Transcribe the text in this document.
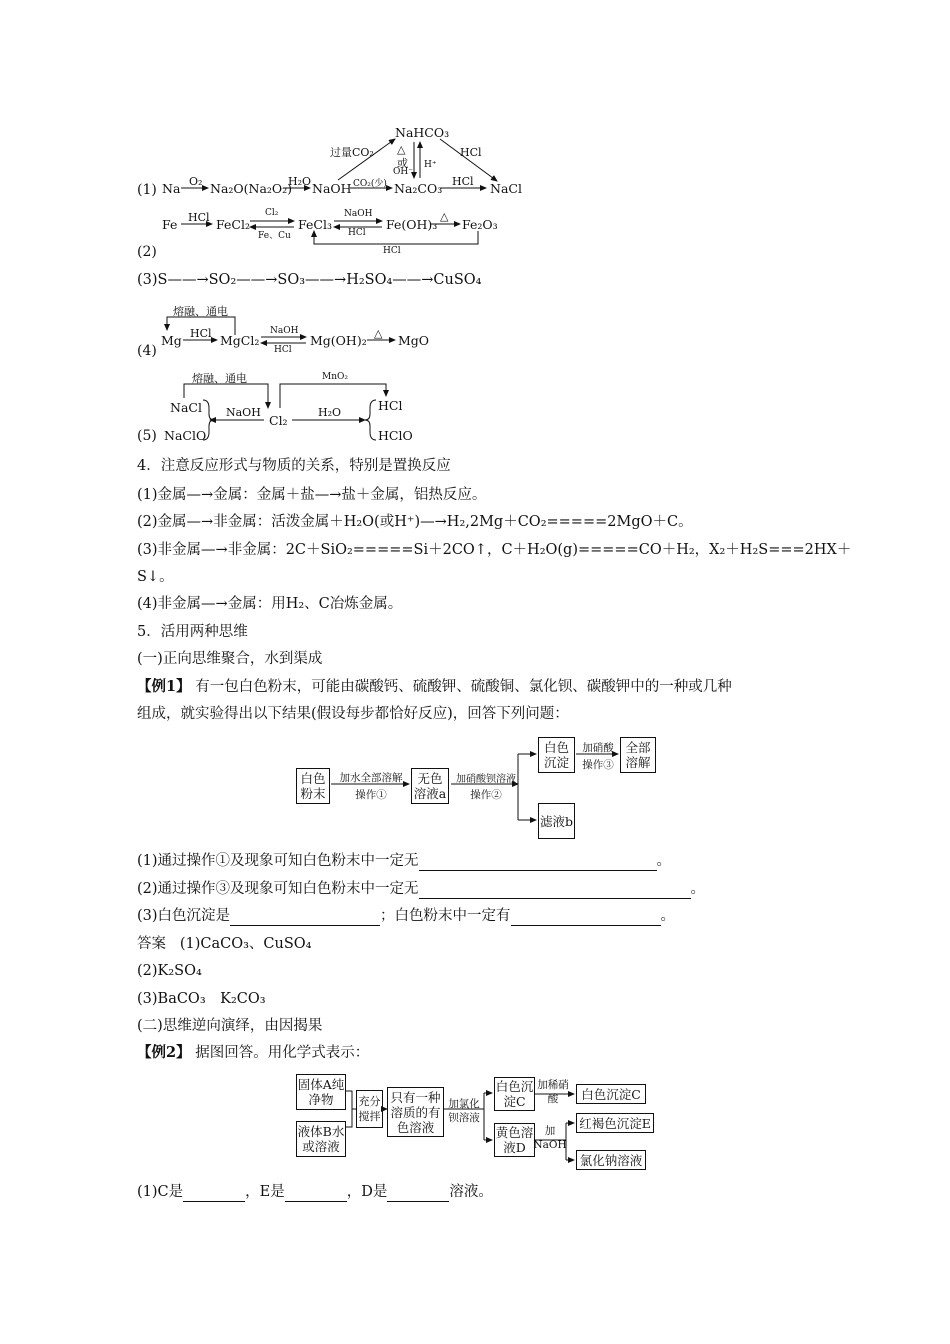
(1) Na O₂ Na₂O(Na₂O₂)
H₂O NaOH CO₂(少) Na₂CO₃ HCl NaCl
NaHCO₃
过量CO₂	HCl
△
或
OH⁻
H⁺
Fe HCl FeCl₂
Cl₂
Fe、Cu
FeCl₃
NaOH
HCl
Fe(OH)₃
△
Fe₂O₃
HCl
(2)
(3)S——→SO₂——→SO₃——→H₂SO₄——→CuSO₄
熔融、通电
Mg HCl MgCl₂
NaOH
HCl
Mg(OH)₂ △ MgO
(4)
熔融、通电	MnO₂
NaCl
NaClO
NaOH
Cl₂
H₂O	HCl
HClO
(5)
4．注意反应形式与物质的关系，特别是置换反应
(1)金属—→金属：金属＋盐—→盐＋金属，铝热反应。
(2)金属—→非金属：活泼金属＋H₂O(或H⁺)—→H₂,2Mg＋CO₂=====2MgO＋C。
(3)非金属—→非金属：2C＋SiO₂=====Si＋2CO↑，C＋H₂O(g)=====CO＋H₂，X₂＋H₂S===2HX＋
S↓。
(4)非金属—→金属：用H₂、C冶炼金属。
5．活用两种思维
(一)正向思维聚合，水到渠成
【例1】 有一包白色粉末，可能由碳酸钙、硫酸钾、硫酸铜、氯化钡、碳酸钾中的一种或几种
组成，就实验得出以下结果(假设每步都恰好反应)，回答下列问题：
白色粉末
加水全部溶解
操作①
无色溶液a
加硝酸钡溶液
操作②
白色沉淀
加硝酸
操作③
全部溶解
滤液b
(1)通过操作①及现象可知白色粉末中一定无	。
(2)通过操作③及现象可知白色粉末中一定无	。
(3)白色沉淀是	；白色粉末中一定有	。
答案 (1)CaCO₃、CuSO₄
(2)K₂SO₄
(3)BaCO₃　K₂CO₃
(二)思维逆向演绎，由因揭果
【例2】 据图回答。用化学式表示：
固体A纯净物
液体B水或溶液
充分搅拌
只有一种溶质的有色溶液
加氯化钡溶液
白色沉淀C
加稀硝酸	白色沉淀C
黄色溶液D
加NaOH
红褐色沉淀E
氯化钠溶液
(1)C是	，E是	，D是	溶液。
